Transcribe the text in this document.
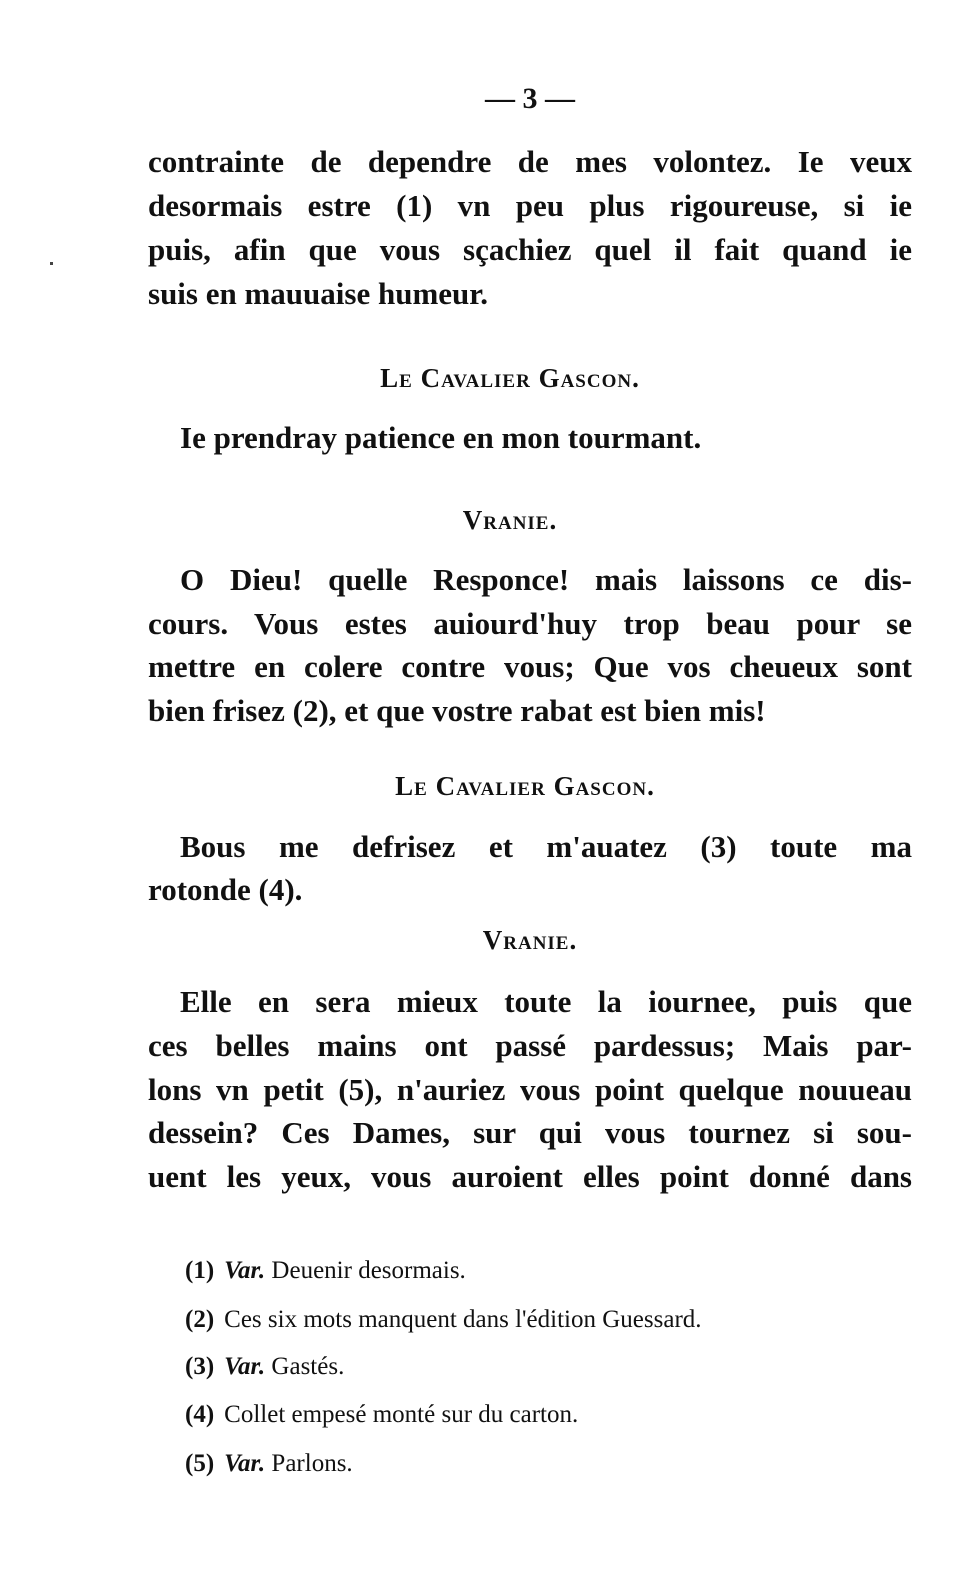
— 3 —
contrainte de dependre de mes volontez. Ie veux
desormais estre (1) vn peu plus rigoureuse, si ie
puis, afin que vous sçachiez quel il fait quand ie
suis en mauuaise humeur.
Le Cavalier Gascon.
Ie prendray patience en mon tourmant.
Vranie.
O Dieu! quelle Responce! mais laissons ce dis-
cours. Vous estes auiourd'huy trop beau pour se
mettre en colere contre vous; Que vos cheueux sont
bien frisez (2), et que vostre rabat est bien mis!
Le Cavalier Gascon.
Bous me defrisez et m'auatez (3) toute ma
rotonde (4).
Vranie.
Elle en sera mieux toute la iournee, puis que
ces belles mains ont passé pardessus; Mais par-
lons vn petit (5), n'auriez vous point quelque nouueau
dessein? Ces Dames, sur qui vous tournez si sou-
uent les yeux, vous auroient elles point donné dans
(1) Var. Deuenir desormais.
(2) Ces six mots manquent dans l'édition Guessard.
(3) Var. Gastés.
(4) Collet empesé monté sur du carton.
(5) Var. Parlons.
